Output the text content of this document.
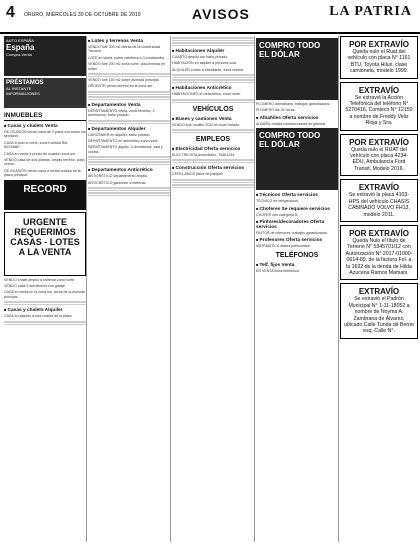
4 ORURO, MIÉRCOLES 30 DE OCTUBRE DE 2019	AVISOS	LA PATRIA
AUTO ESPAÑA
España
Compra-Venta
PRÉSTAMOS
AL INSTANTE
INFORMACIONES
INMUEBLES
■ Casas y chalets Venta
DE OCASIÓN vendo casa de 2 pisos con todos los servicios.
CASA a todo lo norte, zona Kantuta Ref. 60334887.
CASA en venta a precio de ocasión zona sur.
VENDO casa de dos plantas, amplio terreno, zona centro.
DE OCASIÓN vendo casa a media cuadra de la plaza principal.
RECORD
URGENTE
REQUERIMOS
CASAS - LOTES
A LA VENTA
VENDO chalet amplio a estrenar zona norte.
VENDO casa 3 dormitorios con garaje.
CASA en venta en la zona sur, cerca de la avenida principal.
■ Casas y chalets Alquiler
CASA en alquiler a una cuadra de la plaza.
■ Lotes y terrenos Venta
VENDO lote 300 m2 detrás de la Universidad Técnica.
LOTE en venta, sobre carretera a Cochabamba.
VENDO lote 200 m2 zona norte, documentos en orden.
VENDO lote 150 m2 sobre avenida principal.
URGENTE vendo terreno en la zona sur.
■ Departamentos Venta
DEPARTAMENTO venta, zona céntrica, 3 dormitorios, baño privado.
■ Departamentos Alquiler
GARZONIER en alquiler, baño privado.
DEPARTAMENTO en anticrético zona norte.
DEPARTAMENTO alquilo, 3 dormitorios, sala y cocina.
■ Departamentos Anticrético
ANTICRÉTICO departamento amplio.
ANTICRÉTICO garzonier a estrenar.
■ Habitaciones Alquiler
CUARTO amplio con baño privado.
HABITACIÓN en alquiler a persona sola.
ALQUILER cuarto a estudiante, zona central.
■ Habitaciones Anticrético
HABITACIONES en anticrético, zona norte.
VEHÍCULOS
■ Buses y camiones Venta
VENDO bus modelo 2010 en buen estado.
EMPLEOS
■ Electricidad Oferta servicios
ELECTRICISTA domiciliario, 75461234.
■ Construcción Oferta servicios
CEPILLAMOS pisos de parquet.
COMPRO TODO
EL DÓLAR
PLOMERO domiciliario, trabajos garantizados.
PLOMERO las 24 horas.
■ Albañiles Oferta servicios
ALBAÑIL realiza construcciones en general.
COMPRO TODO
EL DÓLAR
■ Técnicos Oferta servicios
TÉCNICO en refrigeración.
■ Choferes Se requiere servicios
CHOFER con categoría B.
■ Pintores/decoradores Oferta servicios
PINTOR de interiores, trabajos garantizados.
■ Profesores Oferta servicios
MATEMÁTICA clases particulares.
TELÉFONOS
■ Telf. fijos Venta
EN VENTA línea telefónica.
POR EXTRAVÍO
Queda nulo el Ruat del vehículo con placa N° 1161 BTU, Toyota Hilux, clase camioneta, modelo 1999.
EXTRAVÍO
Se extravió la Acción Telefónica del teléfono N° 5270416, Comteco N° 12150 a nombre de Freddy Veliz Rioja y Sra.
POR EXTRAVÍO
Queda nulo el RUAT del vehículo con placa 4234-EDU, Ambulancia Ford Transit, Modelo 2016.
EXTRAVÍO
Se extravió la placa 4103-HPS del vehículo CHASIS CABINADO VOLVO FH13, modelo 2011.
POR EXTRAVÍO
Queda Nulo el título de Terreno N° 5345701/12 con Autorización N° 2017-01000-0614-89, de la factura Fol. a la 1632 de la tienda de Hilda Azucena Ramos Mamani.
EXTRAVÍO
Se extravió el Padrón Municipal N° 1-11-18052 a nombre de Noyma A. Zambrana de Álvarez, ubicado Calle Tunda de Berrio esq. Calle N°.
